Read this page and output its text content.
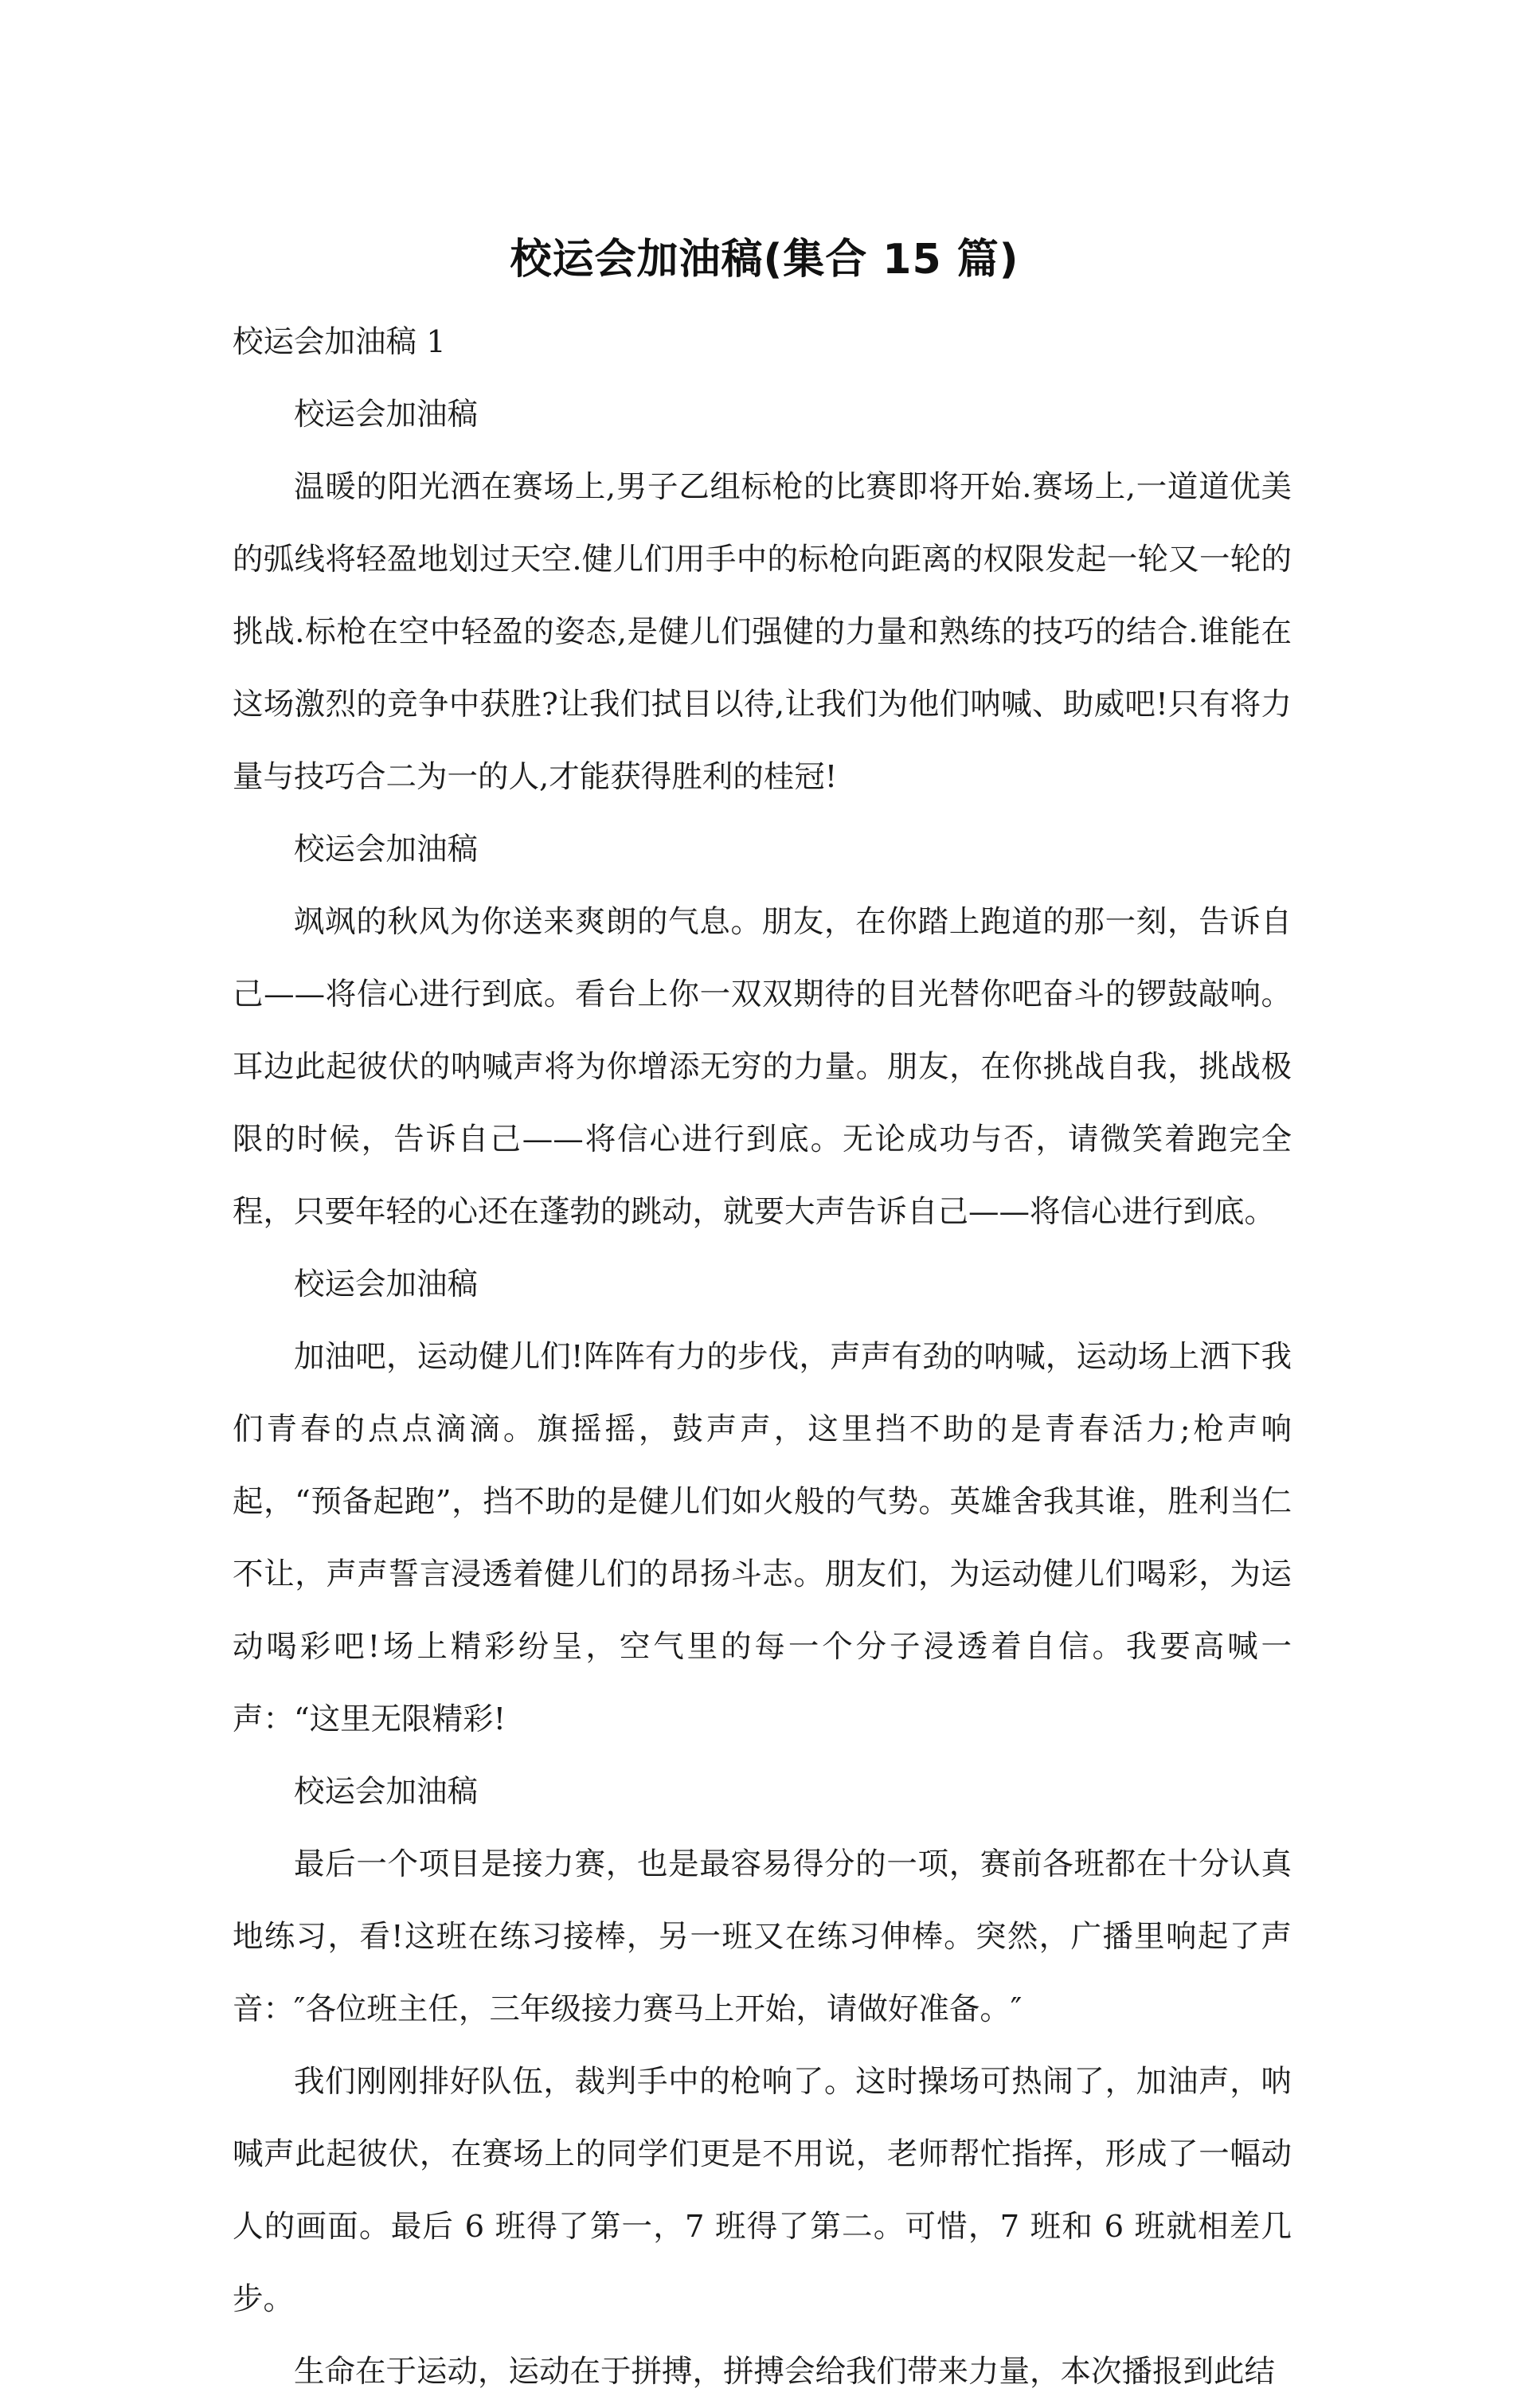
校运会加油稿(集合 15 篇)

校运会加油稿 1

校运会加油稿

温暖的阳光洒在赛场上,男子乙组标枪的比赛即将开始.赛场上,一道道优美的弧线将轻盈地划过天空.健儿们用手中的标枪向距离的权限发起一轮又一轮的挑战.标枪在空中轻盈的姿态,是健儿们强健的力量和熟练的技巧的结合.谁能在这场激烈的竞争中获胜?让我们拭目以待,让我们为他们呐喊、助威吧!只有将力量与技巧合二为一的人,才能获得胜利的桂冠!

校运会加油稿

飒飒的秋风为你送来爽朗的气息。朋友，在你踏上跑道的那一刻，告诉自己——将信心进行到底。看台上你一双双期待的目光替你吧奋斗的锣鼓敲响。耳边此起彼伏的呐喊声将为你增添无穷的力量。朋友，在你挑战自我，挑战极限的时候，告诉自己——将信心进行到底。无论成功与否，请微笑着跑完全程，只要年轻的心还在蓬勃的跳动，就要大声告诉自己——将信心进行到底。

校运会加油稿

加油吧，运动健儿们!阵阵有力的步伐，声声有劲的呐喊，运动场上洒下我们青春的点点滴滴。旗摇摇，鼓声声，这里挡不助的是青春活力;枪声响起，“预备起跑”，挡不助的是健儿们如火般的气势。英雄舍我其谁，胜利当仁不让，声声誓言浸透着健儿们的昂扬斗志。朋友们，为运动健儿们喝彩，为运动喝彩吧!场上精彩纷呈，空气里的每一个分子浸透着自信。我要高喊一声：“这里无限精彩!

校运会加油稿

最后一个项目是接力赛，也是最容易得分的一项，赛前各班都在十分认真地练习，看!这班在练习接棒，另一班又在练习伸棒。突然，广播里响起了声音：″各位班主任，三年级接力赛马上开始，请做好准备。″

我们刚刚排好队伍，裁判手中的枪响了。这时操场可热闹了，加油声，呐喊声此起彼伏，在赛场上的同学们更是不用说，老师帮忙指挥，形成了一幅动人的画面。最后 6 班得了第一，7 班得了第二。可惜，7 班和 6 班就相差几步。

生命在于运动，运动在于拼搏，拼搏会给我们带来力量，本次播报到此结
